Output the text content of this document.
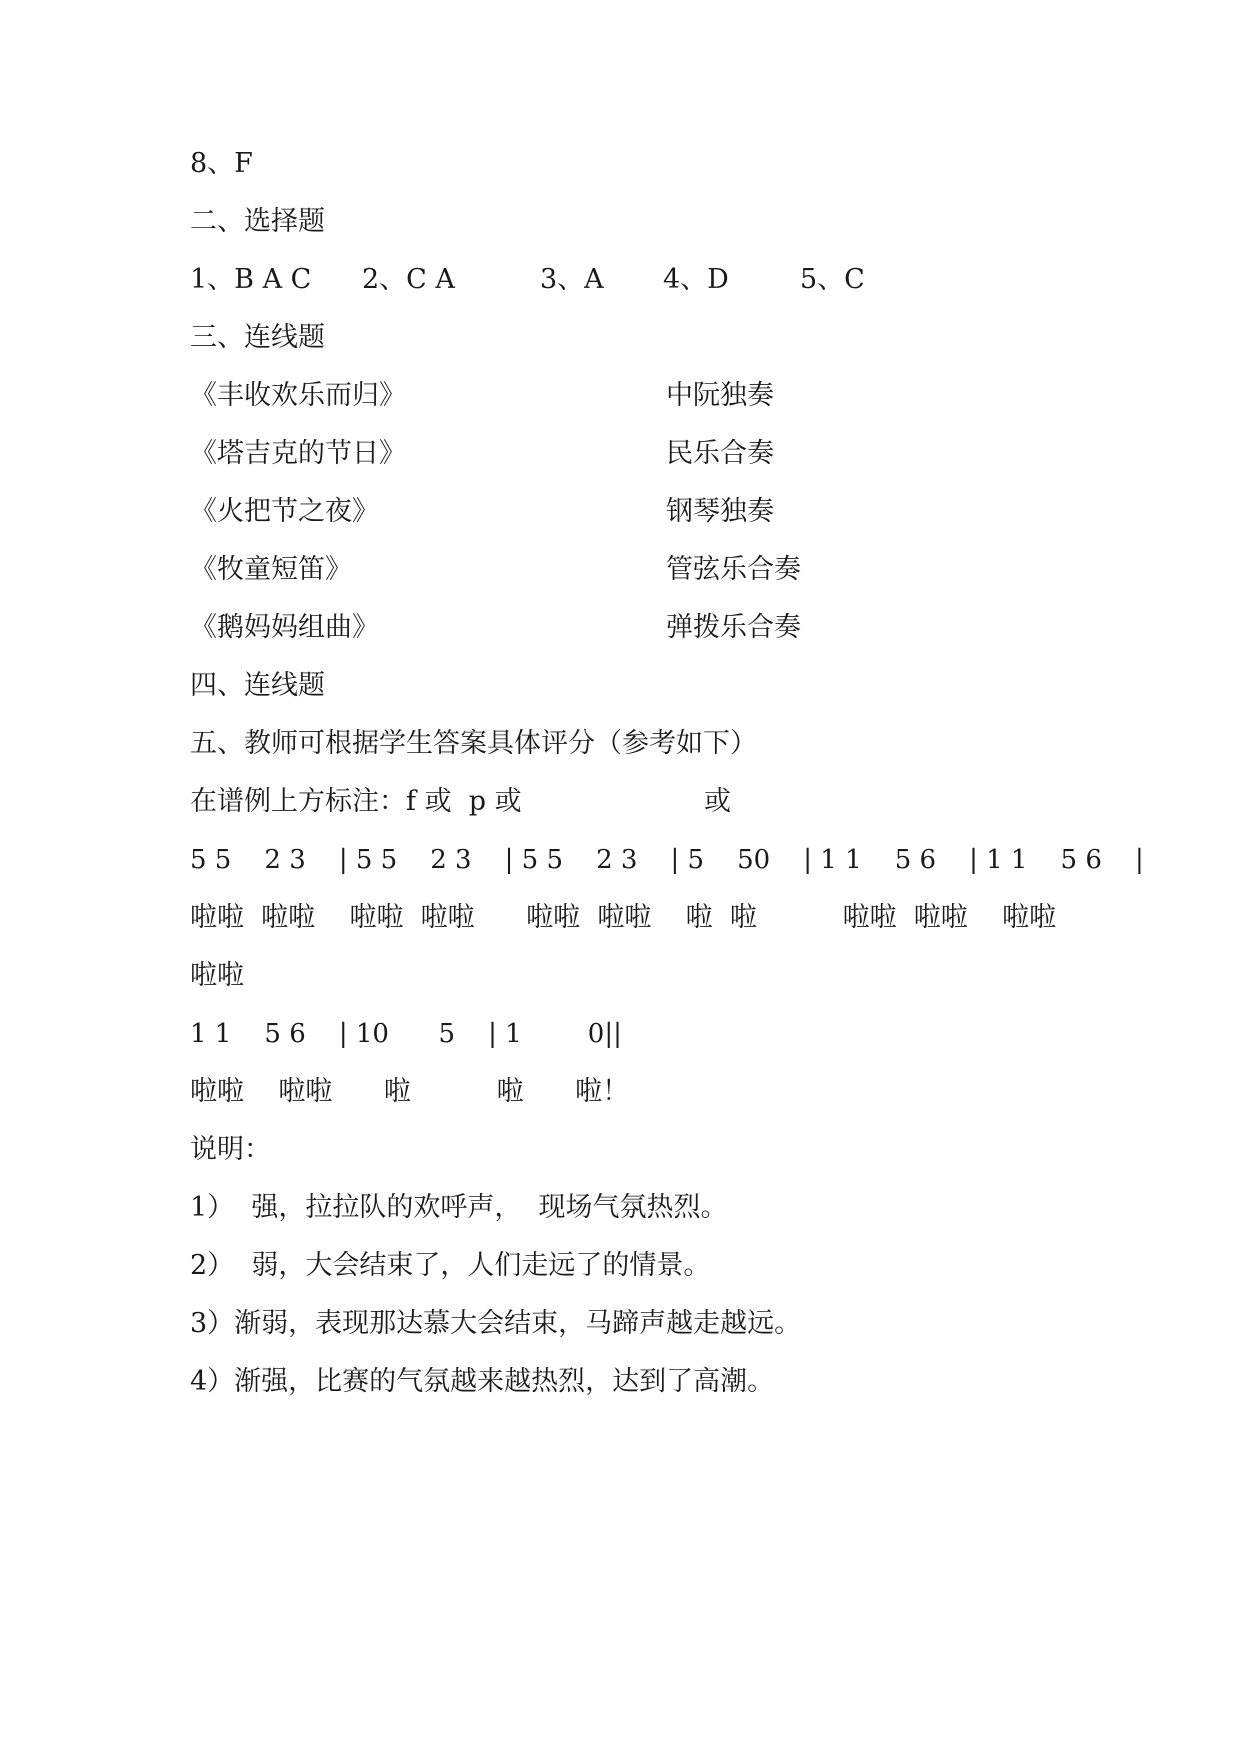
8、F
二、选择题
1、B A C 2、C A	3、A 4、D	5、C
三、连线题
《丰收欢乐而归》	中阮独奏
《塔吉克的节日》	民乐合奏
《火把节之夜》	钢琴独奏
《牧童短笛》	管弦乐合奏
《鹅妈妈组曲》	弹拨乐合奏
四、连线题
五、教师可根据学生答案具体评分（参考如下）
在谱例上方标注：f 或  p 或	或
5 5    2 3    | 5 5    2 3    | 5 5    2 3    | 5    50    | 1 1    5 6    | 1 1    5 6    |
啦啦  啦啦    啦啦  啦啦      啦啦  啦啦    啦  啦          啦啦  啦啦    啦啦
啦啦
1 1    5 6    | 10      5    | 1        0||
啦啦    啦啦      啦          啦      啦！
说明：
1）  强，拉拉队的欢呼声，  现场气氛热烈。
2）  弱，大会结束了，人们走远了的情景。
3）渐弱，表现那达慕大会结束，马蹄声越走越远。
4）渐强，比赛的气氛越来越热烈，达到了高潮。
